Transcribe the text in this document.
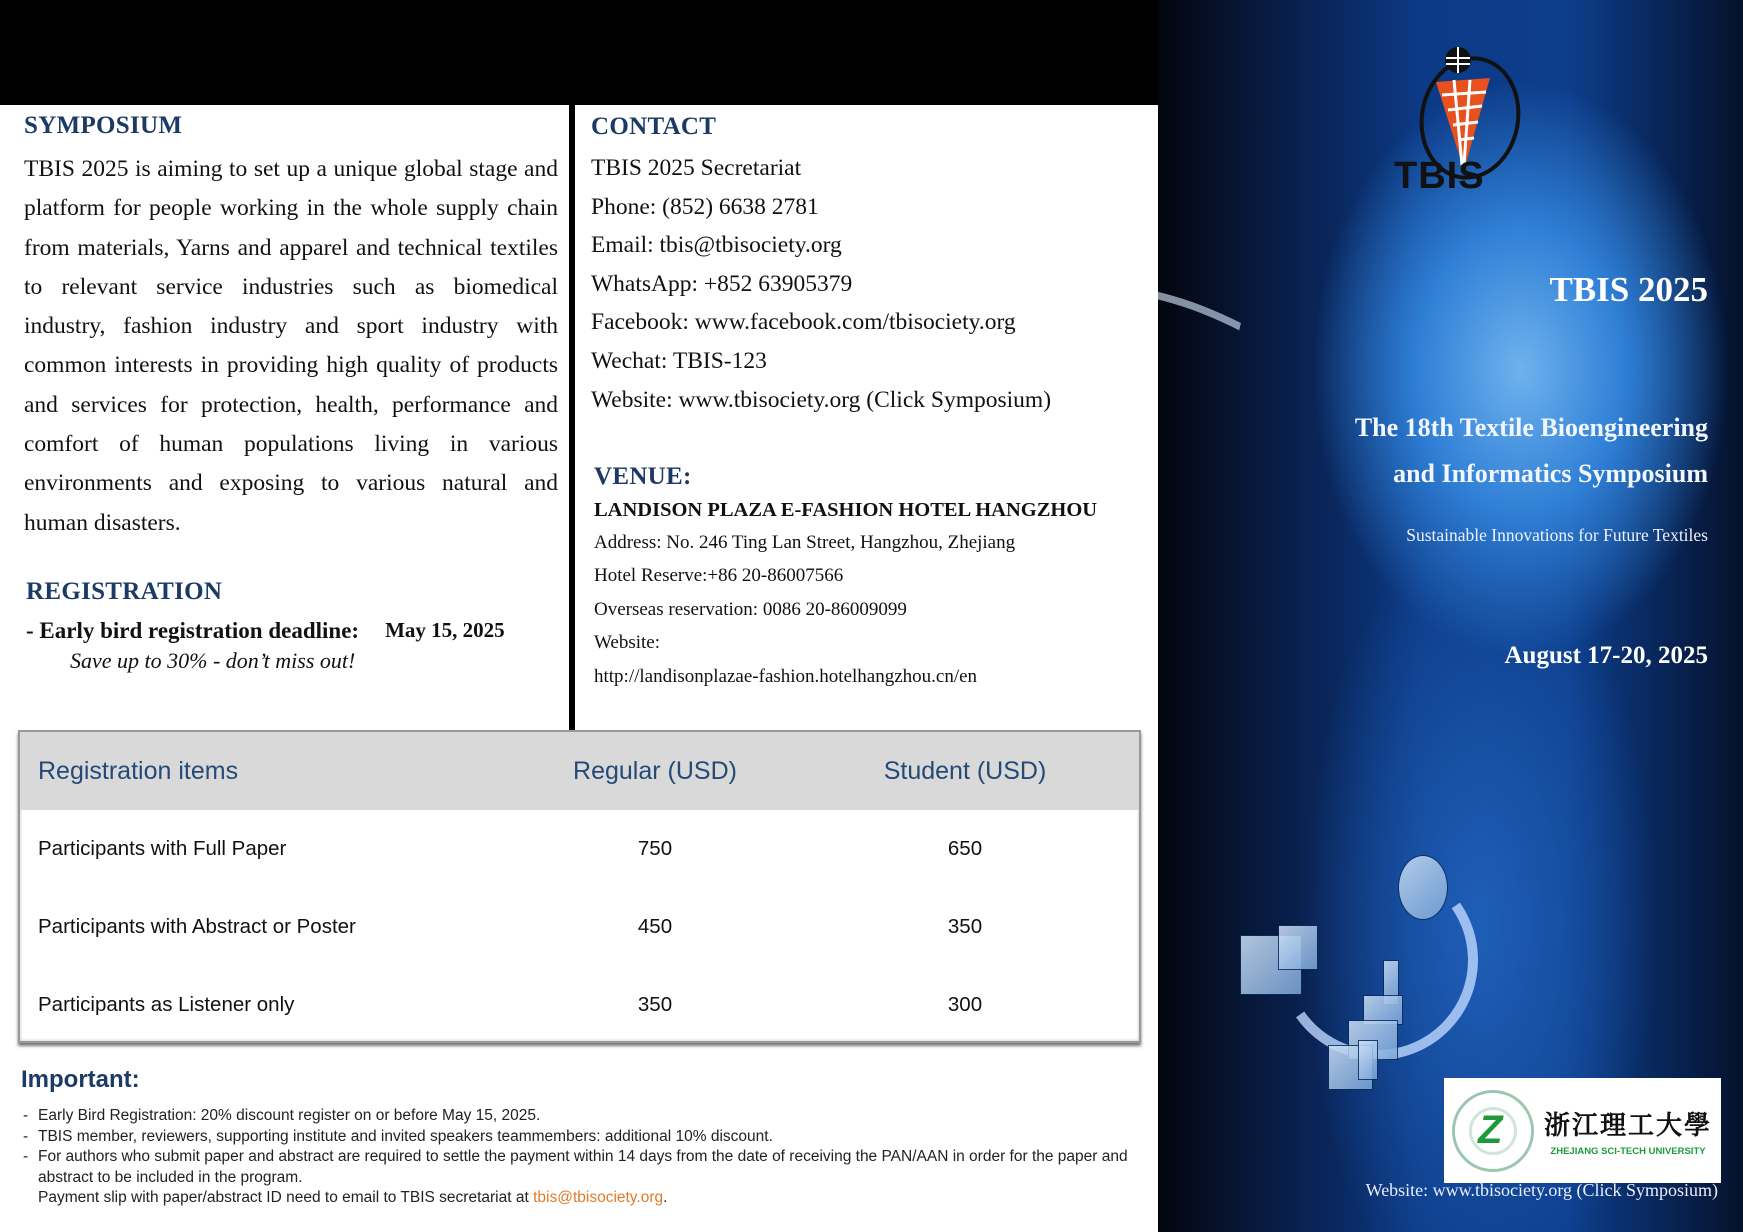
SYMPOSIUM

TBIS 2025 is aiming to set up a unique global stage and platform for people working in the whole supply chain from materials, Yarns and apparel and technical textiles to relevant service industries such as biomedical industry, fashion industry and sport industry with common interests in providing high quality of products and services for protection, health, performance and comfort of human populations living in various environments and exposing to various natural and human disasters.

REGISTRATION
- Early bird registration deadline: May 15, 2025
Save up to 30% - don’t miss out!
CONTACT
TBIS 2025 Secretariat
Phone: (852) 6638 2781
Email: tbis@tbisociety.org
WhatsApp: +852 63905379
Facebook: www.facebook.com/tbisociety.org
Wechat: TBIS-123
Website: www.tbisociety.org (Click Symposium)
VENUE:
LANDISON PLAZA E-FASHION HOTEL HANGZHOU
Address: No. 246 Ting Lan Street, Hangzhou, Zhejiang
Hotel Reserve:+86 20-86007566
Overseas reservation: 0086 20-86009099
Website:
http://landisonplazae-fashion.hotelhangzhou.cn/en
Registration items	Regular (USD)	Student (USD)
Participants with Full Paper	750	650
Participants with Abstract or Poster	450	350
Participants as Listener only	350	300
Important:
- Early Bird Registration: 20% discount register on or before May 15, 2025.
- TBIS member, reviewers, supporting institute and invited speakers teammembers: additional 10% discount.
- For authors who submit paper and abstract are required to settle the payment within 14 days from the date of receiving the PAN/AAN in order for the paper and abstract to be included in the program.
Payment slip with paper/abstract ID need to email to TBIS secretariat at tbis@tbisociety.org.
TBIS
TBIS 2025
The 18th Textile Bioengineering
and Informatics Symposium
Sustainable Innovations for Future Textiles
August 17-20, 2025
Z 浙江理工大學
ZHEJIANG SCI-TECH UNIVERSITY
Website: www.tbisociety.org (Click Symposium)
